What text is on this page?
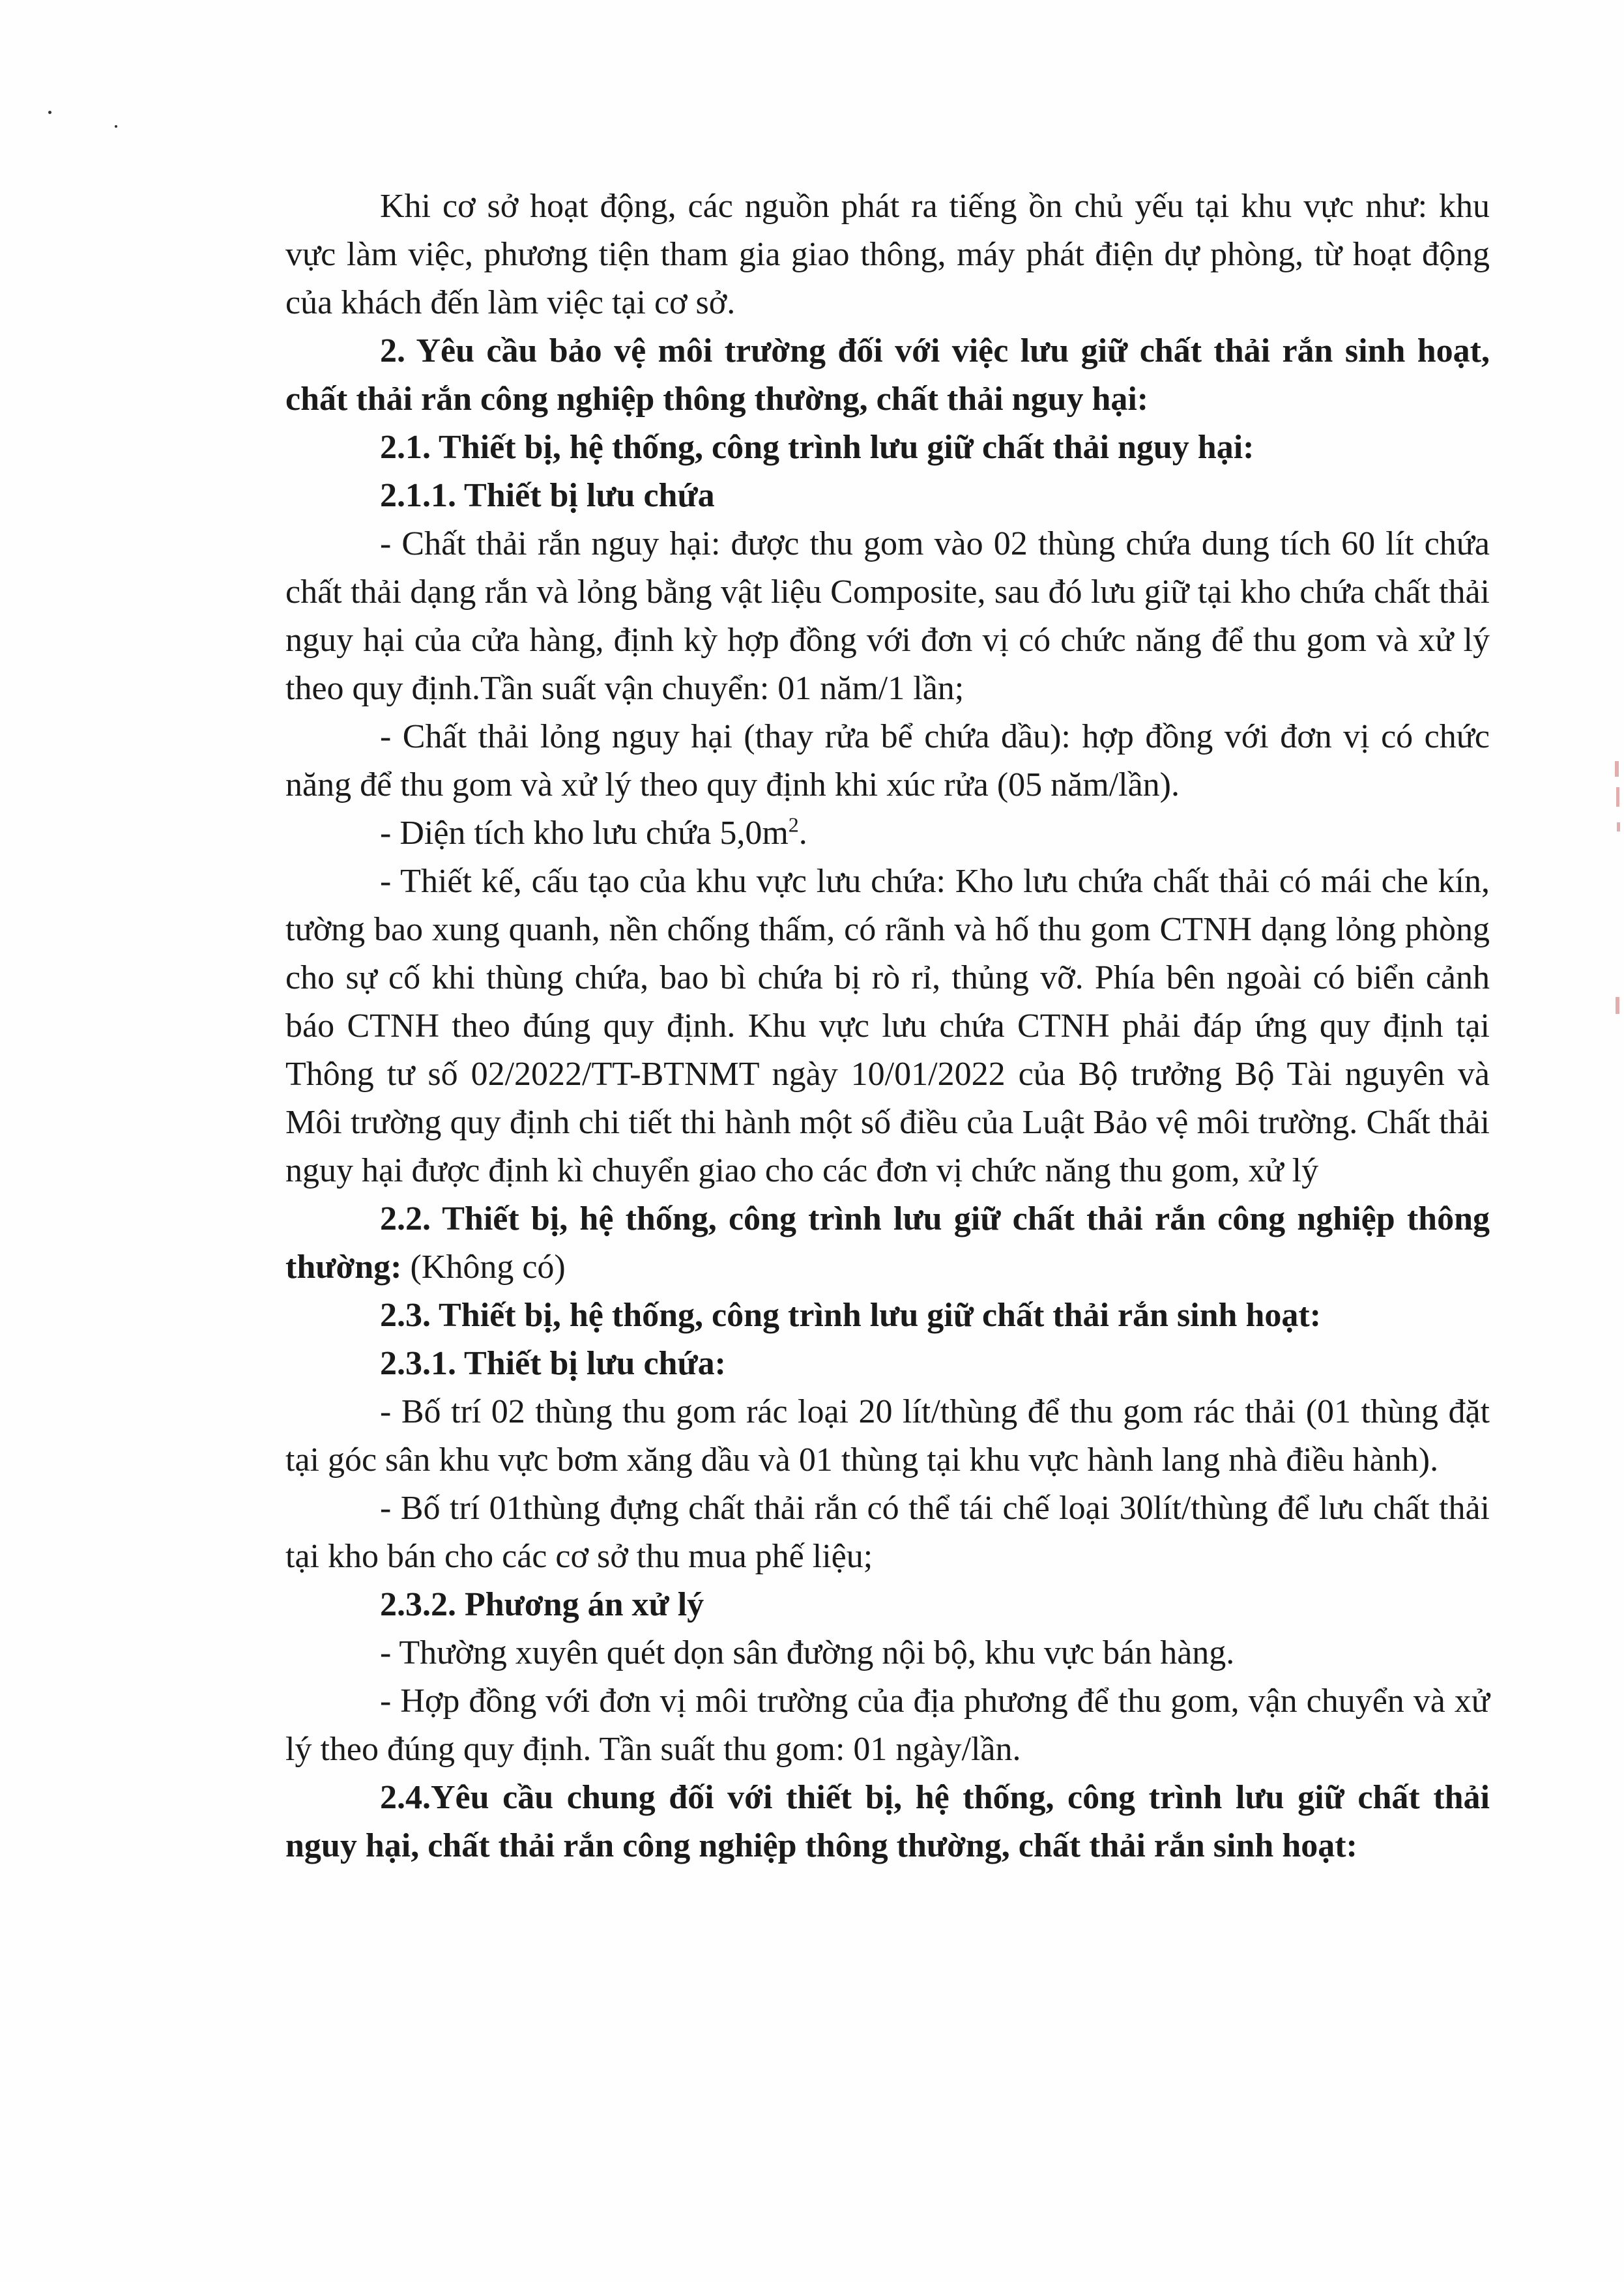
Khi cơ sở hoạt động, các nguồn phát ra tiếng ồn chủ yếu tại khu vực như: khu vực làm việc, phương tiện tham gia giao thông, máy phát điện dự phòng, từ hoạt động của khách đến làm việc tại cơ sở.

2. Yêu cầu bảo vệ môi trường đối với việc lưu giữ chất thải rắn sinh hoạt, chất thải rắn công nghiệp thông thường, chất thải nguy hại:

2.1. Thiết bị, hệ thống, công trình lưu giữ chất thải nguy hại:

2.1.1. Thiết bị lưu chứa

- Chất thải rắn nguy hại: được thu gom vào 02 thùng chứa dung tích 60 lít chứa chất thải dạng rắn và lỏng bằng vật liệu Composite, sau đó lưu giữ tại kho chứa chất thải nguy hại của cửa hàng, định kỳ hợp đồng với đơn vị có chức năng để thu gom và xử lý theo quy định.Tần suất vận chuyển: 01 năm/1 lần;

- Chất thải lỏng nguy hại (thay rửa bể chứa dầu): hợp đồng với đơn vị có chức năng để thu gom và xử lý theo quy định khi xúc rửa (05 năm/lần).

- Diện tích kho lưu chứa $5,0m^2$.

- Thiết kế, cấu tạo của khu vực lưu chứa: Kho lưu chứa chất thải có mái che kín, tường bao xung quanh, nền chống thấm, có rãnh và hố thu gom CTNH dạng lỏng phòng cho sự cố khi thùng chứa, bao bì chứa bị rò rỉ, thủng vỡ. Phía bên ngoài có biển cảnh báo CTNH theo đúng quy định. Khu vực lưu chứa CTNH phải đáp ứng quy định tại Thông tư số 02/2022/TT-BTNMT ngày 10/01/2022 của Bộ trưởng Bộ Tài nguyên và Môi trường quy định chi tiết thi hành một số điều của Luật Bảo vệ môi trường. Chất thải nguy hại được định kì chuyển giao cho các đơn vị chức năng thu gom, xử lý

2.2. Thiết bị, hệ thống, công trình lưu giữ chất thải rắn công nghiệp thông thường: (Không có)

2.3. Thiết bị, hệ thống, công trình lưu giữ chất thải rắn sinh hoạt:

2.3.1. Thiết bị lưu chứa:

- Bố trí 02 thùng thu gom rác loại 20 lít/thùng để thu gom rác thải (01 thùng đặt tại góc sân khu vực bơm xăng dầu và 01 thùng tại khu vực hành lang nhà điều hành).

- Bố trí 01thùng đựng chất thải rắn có thể tái chế loại 30lít/thùng để lưu chất thải tại kho bán cho các cơ sở thu mua phế liệu;

2.3.2. Phương án xử lý

- Thường xuyên quét dọn sân đường nội bộ, khu vực bán hàng.

- Hợp đồng với đơn vị môi trường của địa phương để thu gom, vận chuyển và xử lý theo đúng quy định. Tần suất thu gom: 01 ngày/lần.

2.4.Yêu cầu chung đối với thiết bị, hệ thống, công trình lưu giữ chất thải nguy hại, chất thải rắn công nghiệp thông thường, chất thải rắn sinh hoạt:
